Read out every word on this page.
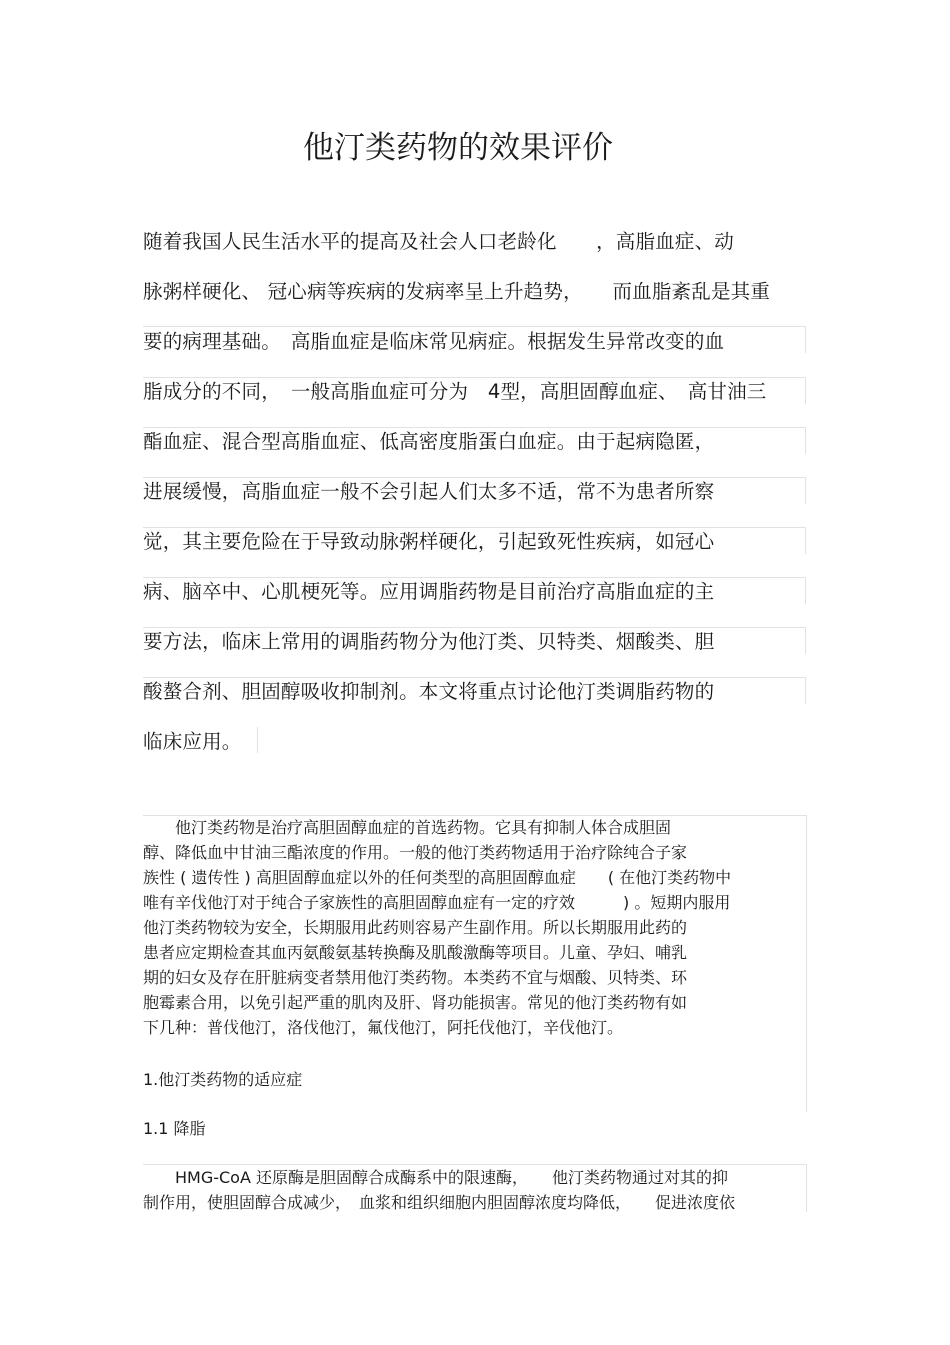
他汀类药物的效果评价
随着我国人民生活水平的提高及社会人口老龄化　　，高脂血症、动
脉粥样硬化、 冠心病等疾病的发病率呈上升趋势，　　而血脂紊乱是其重
要的病理基础。　高脂血症是临床常见病症。根据发生异常改变的血
脂成分的不同，　一般高脂血症可分为　4型，高胆固醇血症、　高甘油三
酯血症、混合型高脂血症、低高密度脂蛋白血症。由于起病隐匿，
进展缓慢，高脂血症一般不会引起人们太多不适，常不为患者所察
觉，其主要危险在于导致动脉粥样硬化，引起致死性疾病，如冠心
病、脑卒中、心肌梗死等。应用调脂药物是目前治疗高脂血症的主
要方法，临床上常用的调脂药物分为他汀类、贝特类、烟酸类、胆
酸螯合剂、胆固醇吸收抑制剂。本文将重点讨论他汀类调脂药物的
临床应用。
　　他汀类药物是治疗高胆固醇血症的首选药物。它具有抑制人体合成胆固
醇、降低血中甘油三酯浓度的作用。一般的他汀类药物适用于治疗除纯合子家
族性 ( 遗传性 ) 高胆固醇血症以外的任何类型的高胆固醇血症　　( 在他汀类药物中
唯有辛伐他汀对于纯合子家族性的高胆固醇血症有一定的疗效　　　) 。短期内服用
他汀类药物较为安全，长期服用此药则容易产生副作用。所以长期服用此药的
患者应定期检查其血丙氨酸氨基转换酶及肌酸激酶等项目。儿童、孕妇、哺乳
期的妇女及存在肝脏病变者禁用他汀类药物。本类药不宜与烟酸、贝特类、环
胞霉素合用，以免引起严重的肌肉及肝、肾功能损害。常见的他汀类药物有如
下几种：普伐他汀，洛伐他汀，氟伐他汀，阿托伐他汀，辛伐他汀。
1.他汀类药物的适应症
1.1 降脂
　　HMG-CoA 还原酶是胆固醇合成酶系中的限速酶，　　他汀类药物通过对其的抑
制作用，使胆固醇合成减少，　血浆和组织细胞内胆固醇浓度均降低，　　促进浓度依
